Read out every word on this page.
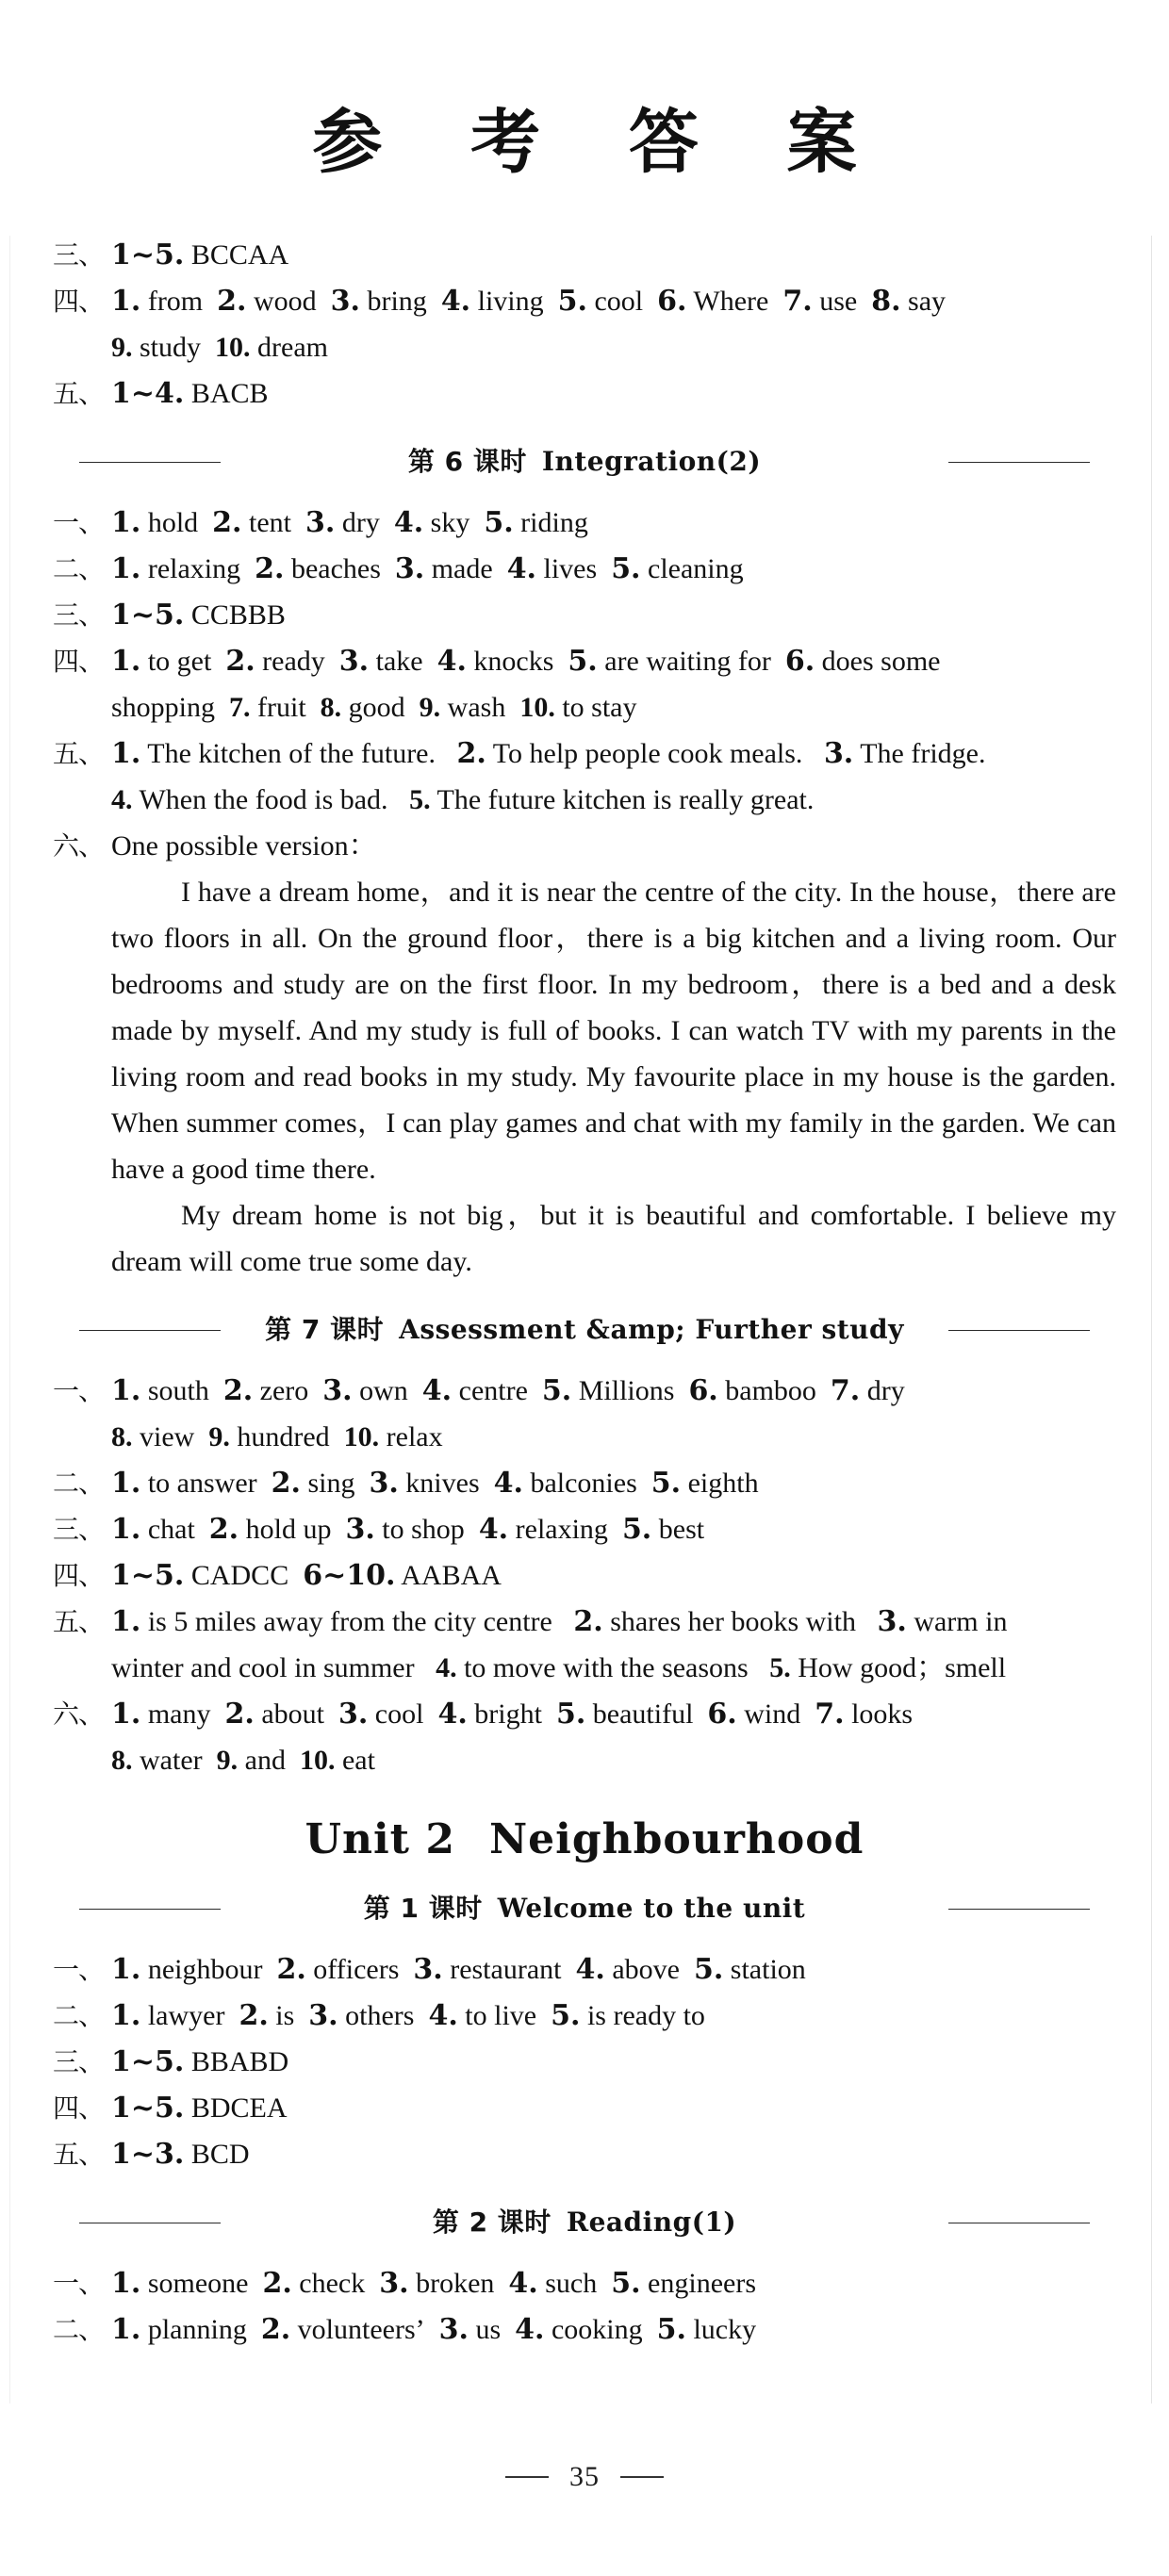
参 考 答 案
三、 1~5. BCCAA
四、 1. from  2. wood  3. bring  4. living  5. cool  6. Where  7. use  8. say
9. study  10. dream
五、 1~4. BACB
第 6 课时 Integration(2)
一、 1. hold  2. tent  3. dry  4. sky  5. riding
二、 1. relaxing  2. beaches  3. made  4. lives  5. cleaning
三、 1~5. CCBBB
四、 1. to get  2. ready  3. take  4. knocks  5. are waiting for  6. does some
shopping  7. fruit  8. good  9. wash  10. to stay
五、 1. The kitchen of the future.   2. To help people cook meals.   3. The fridge.
4. When the food is bad.   5. The future kitchen is really great.
六、 One possible version：
I have a dream home，and it is near the centre of the city. In the house，there are two floors in all. On the ground floor，there is a big kitchen and a living room. Our bedrooms and study are on the first floor. In my bedroom，there is a bed and a desk made by myself. And my study is full of books. I can watch TV with my parents in the living room and read books in my study. My favourite place in my house is the garden. When summer comes，I can play games and chat with my family in the garden. We can have a good time there.
My dream home is not big，but it is beautiful and comfortable. I believe my dream will come true some day.
第 7 课时 Assessment &amp; Further study
一、 1. south  2. zero  3. own  4. centre  5. Millions  6. bamboo  7. dry
8. view  9. hundred  10. relax
二、 1. to answer  2. sing  3. knives  4. balconies  5. eighth
三、 1. chat  2. hold up  3. to shop  4. relaxing  5. best
四、 1~5. CADCC  6~10. AABAA
五、 1. is 5 miles away from the city centre   2. shares her books with   3. warm in
winter and cool in summer   4. to move with the seasons   5. How good；smell
六、 1. many  2. about  3. cool  4. bright  5. beautiful  6. wind  7. looks
8. water  9. and  10. eat
Unit 2 Neighbourhood
第 1 课时 Welcome to the unit
一、 1. neighbour  2. officers  3. restaurant  4. above  5. station
二、 1. lawyer  2. is  3. others  4. to live  5. is ready to
三、 1~5. BBABD
四、 1~5. BDCEA
五、 1~3. BCD
第 2 课时 Reading(1)
一、 1. someone  2. check  3. broken  4. such  5. engineers
二、 1. planning  2. volunteers’  3. us  4. cooking  5. lucky
35
